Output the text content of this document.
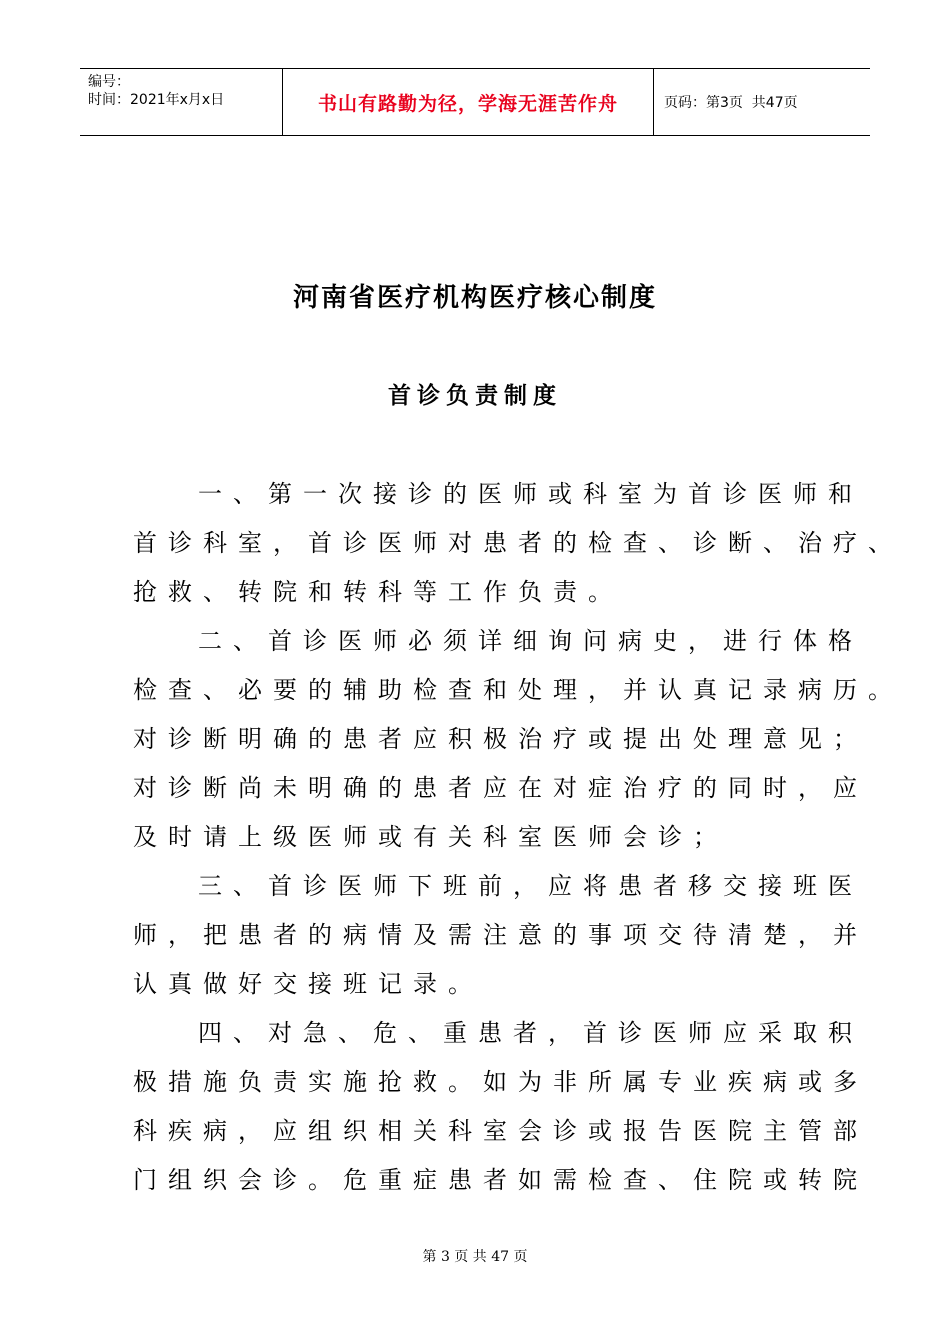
编号：
时间：2021年x月x日	书山有路勤为径，学海无涯苦作舟	页码：第3页  共47页
河南省医疗机构医疗核心制度
首诊负责制度
一、第一次接诊的医师或科室为首诊医师和
首诊科室，首诊医师对患者的检查、诊断、治疗、
抢救、转院和转科等工作负责。
二、首诊医师必须详细询问病史，进行体格
检查、必要的辅助检查和处理，并认真记录病历。
对诊断明确的患者应积极治疗或提出处理意见；
对诊断尚未明确的患者应在对症治疗的同时，应
及时请上级医师或有关科室医师会诊；
三、首诊医师下班前，应将患者移交接班医
师，把患者的病情及需注意的事项交待清楚，并
认真做好交接班记录。
四、对急、危、重患者，首诊医师应采取积
极措施负责实施抢救。如为非所属专业疾病或多
科疾病，应组织相关科室会诊或报告医院主管部
门组织会诊。危重症患者如需检查、住院或转院
第 3 页 共 47 页
